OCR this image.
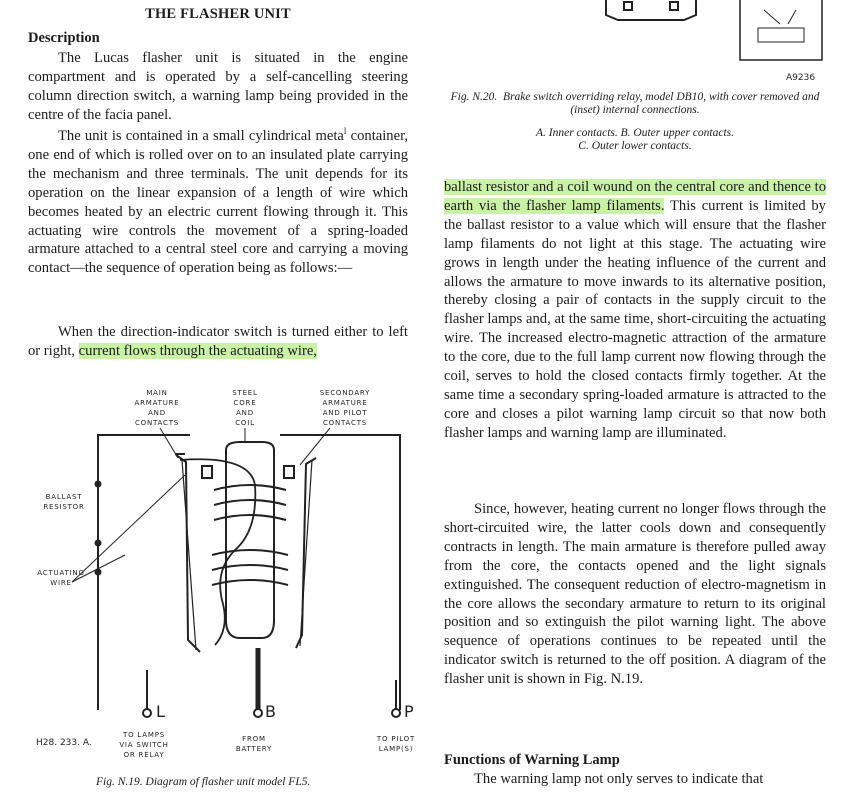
THE FLASHER UNIT
Description
The Lucas flasher unit is situated in the engine compartment and is operated by a self-cancelling steering column direction switch, a warning lamp being provided in the centre of the facia panel.
The unit is contained in a small cylindrical meta$^l$ container, one end of which is rolled over on to an insulated plate carrying the mechanism and three terminals. The unit depends for its operation on the linear expansion of a length of wire which becomes heated by an electric current flowing through it. This actuating wire controls the movement of a spring-loaded armature attached to a central steel core and carrying a moving contact—the sequence of operation being as follows:—
When the direction-indicator switch is turned either to left or right, current flows through the actuating wire,
MAIN
ARMATURE
AND
CONTACTS
STEEL
CORE
AND
COIL
SECONDARY
ARMATURE
AND PILOT
CONTACTS
BALLAST
RESISTOR
ACTUATING
WIRE
L	B	P
TO LAMPS
VIA SWITCH
OR RELAY
FROM
BATTERY
TO PILOT
LAMP(S)
H28. 233. A.
Fig. N.19. Diagram of flasher unit model FL5.
A9236
Fig. N.20. Brake switch overriding relay, model DB10, with cover removed and (inset) internal connections.
A. Inner contacts. B. Outer upper contacts.
C. Outer lower contacts.
ballast resistor and a coil wound on the central core and thence to earth via the flasher lamp filaments. This current is limited by the ballast resistor to a value which will ensure that the flasher lamp filaments do not light at this stage. The actuating wire grows in length under the heating influence of the current and allows the armature to move inwards to its alternative position, thereby closing a pair of contacts in the supply circuit to the flasher lamps and, at the same time, short-circuiting the actuating wire. The increased electro-magnetic attraction of the armature to the core, due to the full lamp current now flowing through the coil, serves to hold the closed contacts firmly together. At the same time a secondary spring-loaded armature is attracted to the core and closes a pilot warning lamp circuit so that now both flasher lamps and warning lamp are illuminated.
Since, however, heating current no longer flows through the short-circuited wire, the latter cools down and consequently contracts in length. The main armature is therefore pulled away from the core, the contacts opened and the light signals extinguished. The consequent reduction of electro-magnetism in the core allows the secondary armature to return to its original position and so extinguish the pilot warning light. The above sequence of operations continues to be repeated until the indicator switch is returned to the off position. A diagram of the flasher unit is shown in Fig. N.19.
Functions of Warning Lamp
The warning lamp not only serves to indicate that
